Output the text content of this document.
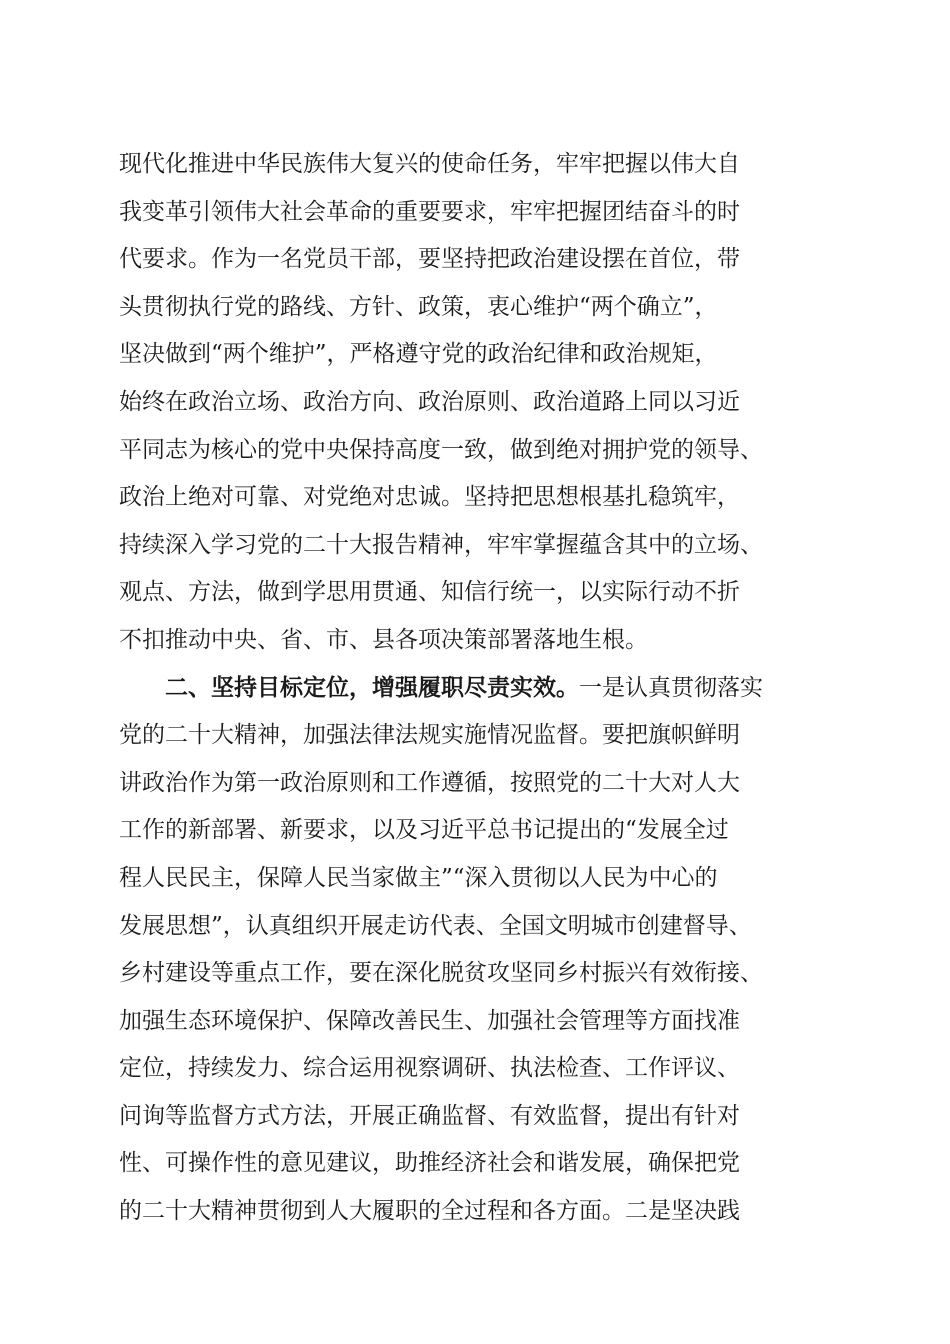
现代化推进中华民族伟大复兴的使命任务，牢牢把握以伟大自
我变革引领伟大社会革命的重要要求，牢牢把握团结奋斗的时
代要求。作为一名党员干部，要坚持把政治建设摆在首位，带
头贯彻执行党的路线、方针、政策，衷心维护“两个确立”，
坚决做到“两个维护”，严格遵守党的政治纪律和政治规矩，
始终在政治立场、政治方向、政治原则、政治道路上同以习近
平同志为核心的党中央保持高度一致，做到绝对拥护党的领导、
政治上绝对可靠、对党绝对忠诚。坚持把思想根基扎稳筑牢，
持续深入学习党的二十大报告精神，牢牢掌握蕴含其中的立场、
观点、方法，做到学思用贯通、知信行统一，以实际行动不折
不扣推动中央、省、市、县各项决策部署落地生根。
二、坚持目标定位，增强履职尽责实效。一是认真贯彻落实
党的二十大精神，加强法律法规实施情况监督。要把旗帜鲜明
讲政治作为第一政治原则和工作遵循，按照党的二十大对人大
工作的新部署、新要求，以及习近平总书记提出的“发展全过
程人民民主，保障人民当家做主”“深入贯彻以人民为中心的
发展思想”，认真组织开展走访代表、全国文明城市创建督导、
乡村建设等重点工作，要在深化脱贫攻坚同乡村振兴有效衔接、
加强生态环境保护、保障改善民生、加强社会管理等方面找准
定位，持续发力、综合运用视察调研、执法检查、工作评议、
问询等监督方式方法，开展正确监督、有效监督，提出有针对
性、可操作性的意见建议，助推经济社会和谐发展，确保把党
的二十大精神贯彻到人大履职的全过程和各方面。二是坚决践
